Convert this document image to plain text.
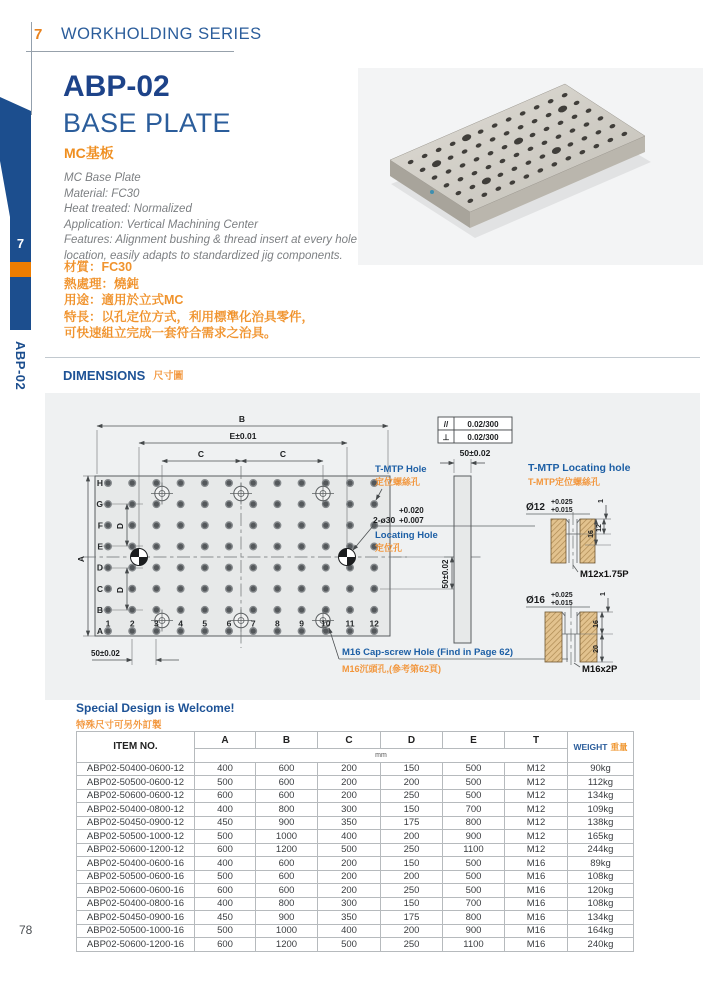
7 WORKHOLDING SERIES
7
ABP-02
ABP-02
BASE PLATE
MC基板
MC Base Plate
Material: FC30
Heat treated: Normalized
Application: Vertical Machining Center
Features: Alignment bushing & thread insert at every hole
location, easily adapts to standardized jig components.
材質：FC30
熱處理：燒鈍
用途：適用於立式MC
特長：以孔定位方式，利用標準化治具零件，
可快速組立完成一套符合需求之治具。
DIMENSIONS 尺寸圖
B
E±0.01
C	C
A
D
D
50±0.02
50±0.02
H
G
F
E
D
C
B
A
1 2 3 4 5 6 7 8 9 10 11 12
// 0.02/300
⊥ 0.02/300
50±0.02
T-MTP Hole
定位螺絲孔
+0.020
2-ø30 +0.007
Locating Hole
定位孔
M16 Cap-screw Hole (Find in Page 62)
M16沉頭孔,(參考第62頁)
T-MTP Locating hole
T-MTP定位螺絲孔
Ø12 +0.025
+0.015
1
16
12
M12x1.75P
Ø16 +0.025
+0.015
1
16
20
M16x2P
Special Design is Welcome!
特殊尺寸可另外訂製
ITEM NO.	A	B	C	D	E	T	WEIGHT 重量
	mm						
ABP02-50400-0600-12	400	600	200	150	500	M12	90kg
ABP02-50500-0600-12	500	600	200	200	500	M12	112kg
ABP02-50600-0600-12	600	600	200	250	500	M12	134kg
ABP02-50400-0800-12	400	800	300	150	700	M12	109kg
ABP02-50450-0900-12	450	900	350	175	800	M12	138kg
ABP02-50500-1000-12	500	1000	400	200	900	M12	165kg
ABP02-50600-1200-12	600	1200	500	250	1100	M12	244kg
ABP02-50400-0600-16	400	600	200	150	500	M16	89kg
ABP02-50500-0600-16	500	600	200	200	500	M16	108kg
ABP02-50600-0600-16	600	600	200	250	500	M16	120kg
ABP02-50400-0800-16	400	800	300	150	700	M16	108kg
ABP02-50450-0900-16	450	900	350	175	800	M16	134kg
ABP02-50500-1000-16	500	1000	400	200	900	M16	164kg
ABP02-50600-1200-16	600	1200	500	250	1100	M16	240kg
78
